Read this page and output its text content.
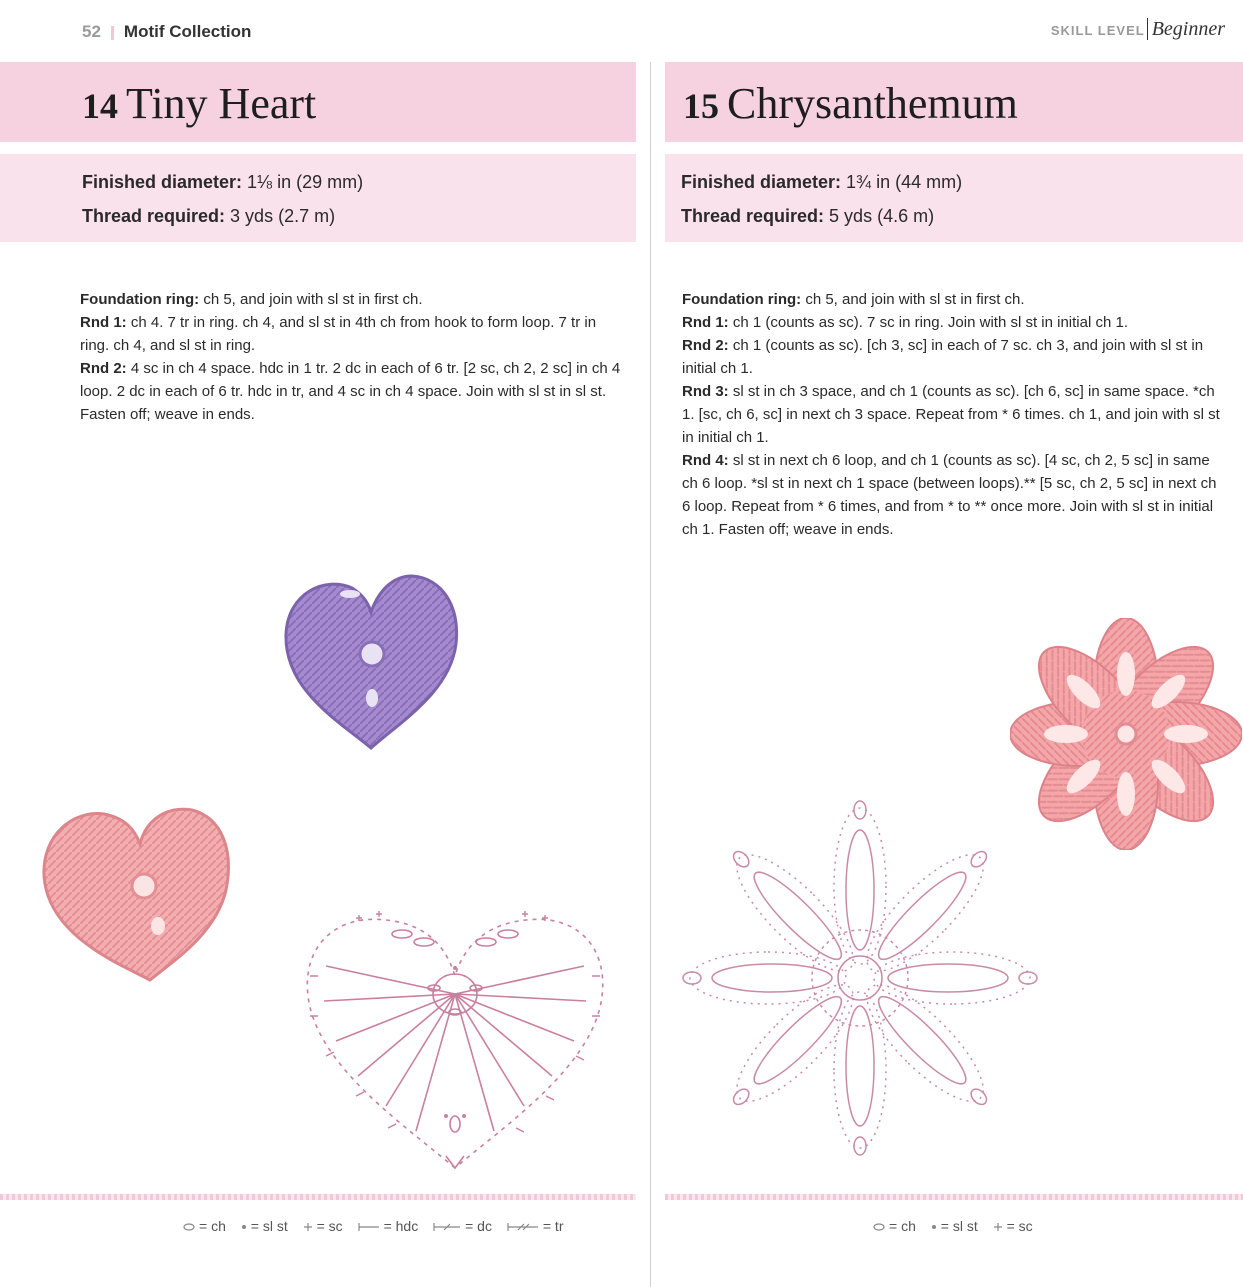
52 Motif Collection	SKILL LEVEL Beginner
14 Tiny Heart
Finished diameter: 1⅛ in (29 mm)
Thread required: 3 yds (2.7 m)

Foundation ring: ch 5, and join with sl st in first ch.

Rnd 1: ch 4. 7 tr in ring. ch 4, and sl st in 4th ch from hook to form loop. 7 tr in ring. ch 4, and sl st in ring.

Rnd 2: 4 sc in ch 4 space. hdc in 1 tr. 2 dc in each of 6 tr. [2 sc, ch 2, 2 sc] in ch 4 loop. 2 dc in each of 6 tr. hdc in tr, and 4 sc in ch 4 space. Join with sl st in sl st. Fasten off; weave in ends.

= ch = sl st = sc	= hdc	= dc	= tr
15 Chrysanthemum
Finished diameter: 1¾ in (44 mm)
Thread required: 5 yds (4.6 m)

Foundation ring: ch 5, and join with sl st in first ch.

Rnd 1: ch 1 (counts as sc). 7 sc in ring. Join with sl st in initial ch 1.

Rnd 2: ch 1 (counts as sc). [ch 3, sc] in each of 7 sc. ch 3, and join with sl st in initial ch 1.

Rnd 3: sl st in ch 3 space, and ch 1 (counts as sc). [ch 6, sc] in same space. *ch 1. [sc, ch 6, sc] in next ch 3 space. Repeat from * 6 times. ch 1, and join with sl st in initial ch 1.

Rnd 4: sl st in next ch 6 loop, and ch 1 (counts as sc). [4 sc, ch 2, 5 sc] in same ch 6 loop. *sl st in next ch 1 space (between loops).** [5 sc, ch 2, 5 sc] in next ch 6 loop. Repeat from * 6 times, and from * to ** once more. Join with sl st in initial ch 1. Fasten off; weave in ends.

= ch = sl st = sc
